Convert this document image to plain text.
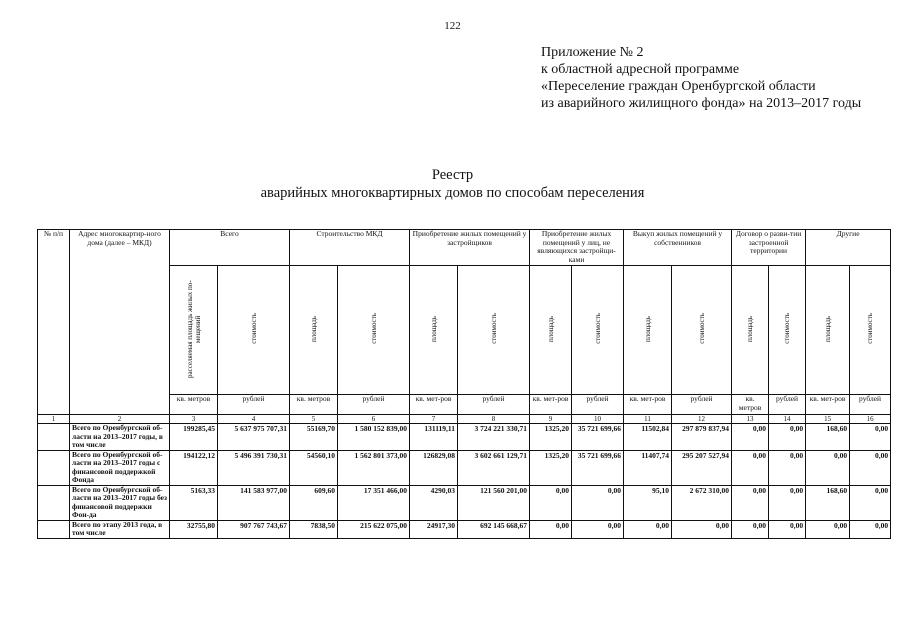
122
Приложение № 2
к областной адресной программе
«Переселение граждан Оренбургской области
из аварийного жилищного фонда» на 2013–2017 годы
Реестр
аварийных многоквартирных домов по способам переселения
№ п/п	Адрес многоквартир-ного дома (далее – МКД)	Всего		Строительство МКД		Приобретение жилых помещений у застройщиков		Приобретение жилых помещений у лиц, не являющихся застройщи-ками		Выкуп жилых помещений у собственников		Договор о разви-тии застроенной территории		Другие	
		расселяемая площадь жилых по-мещений	стоимость	площадь	стоимость	площадь	стоимость	площадь	стоимость	площадь	стоимость	площадь	стоимость	площадь	стоимость
		кв. метров	рублей	кв. метров	рублей	кв. мет-ров	рублей	кв. мет-ров	рублей	кв. мет-ров	рублей	кв. метров	рублей	кв. мет-ров	рублей
1	2	3	4	5	6	7	8	9	10	11	12	13	14	15	16
	Всего по Оренбургской об-ласти на 2013–2017 годы, в том числе	199285,45	5 637 975 707,31	55169,70	1 580 152 839,00	131119,11	3 724 221 330,71	1325,20	35 721 699,66	11502,84	297 879 837,94	0,00	0,00	168,60	0,00
	Всего по Оренбургской об-ласти на 2013–2017 годы с финансовой поддержкой Фонда	194122,12	5 496 391 730,31	54560,10	1 562 801 373,00	126829,08	3 602 661 129,71	1325,20	35 721 699,66	11407,74	295 207 527,94	0,00	0,00	0,00	0,00
	Всего по Оренбургской об-ласти на 2013–2017 годы без финансовой поддержки Фон-да	5163,33	141 583 977,00	609,60	17 351 466,00	4290,03	121 560 201,00	0,00	0,00	95,10	2 672 310,00	0,00	0,00	168,60	0,00
	Всего по этапу 2013 года, в том числе	32755,80	907 767 743,67	7838,50	215 622 075,00	24917,30	692 145 668,67	0,00	0,00	0,00	0,00	0,00	0,00	0,00	0,00
